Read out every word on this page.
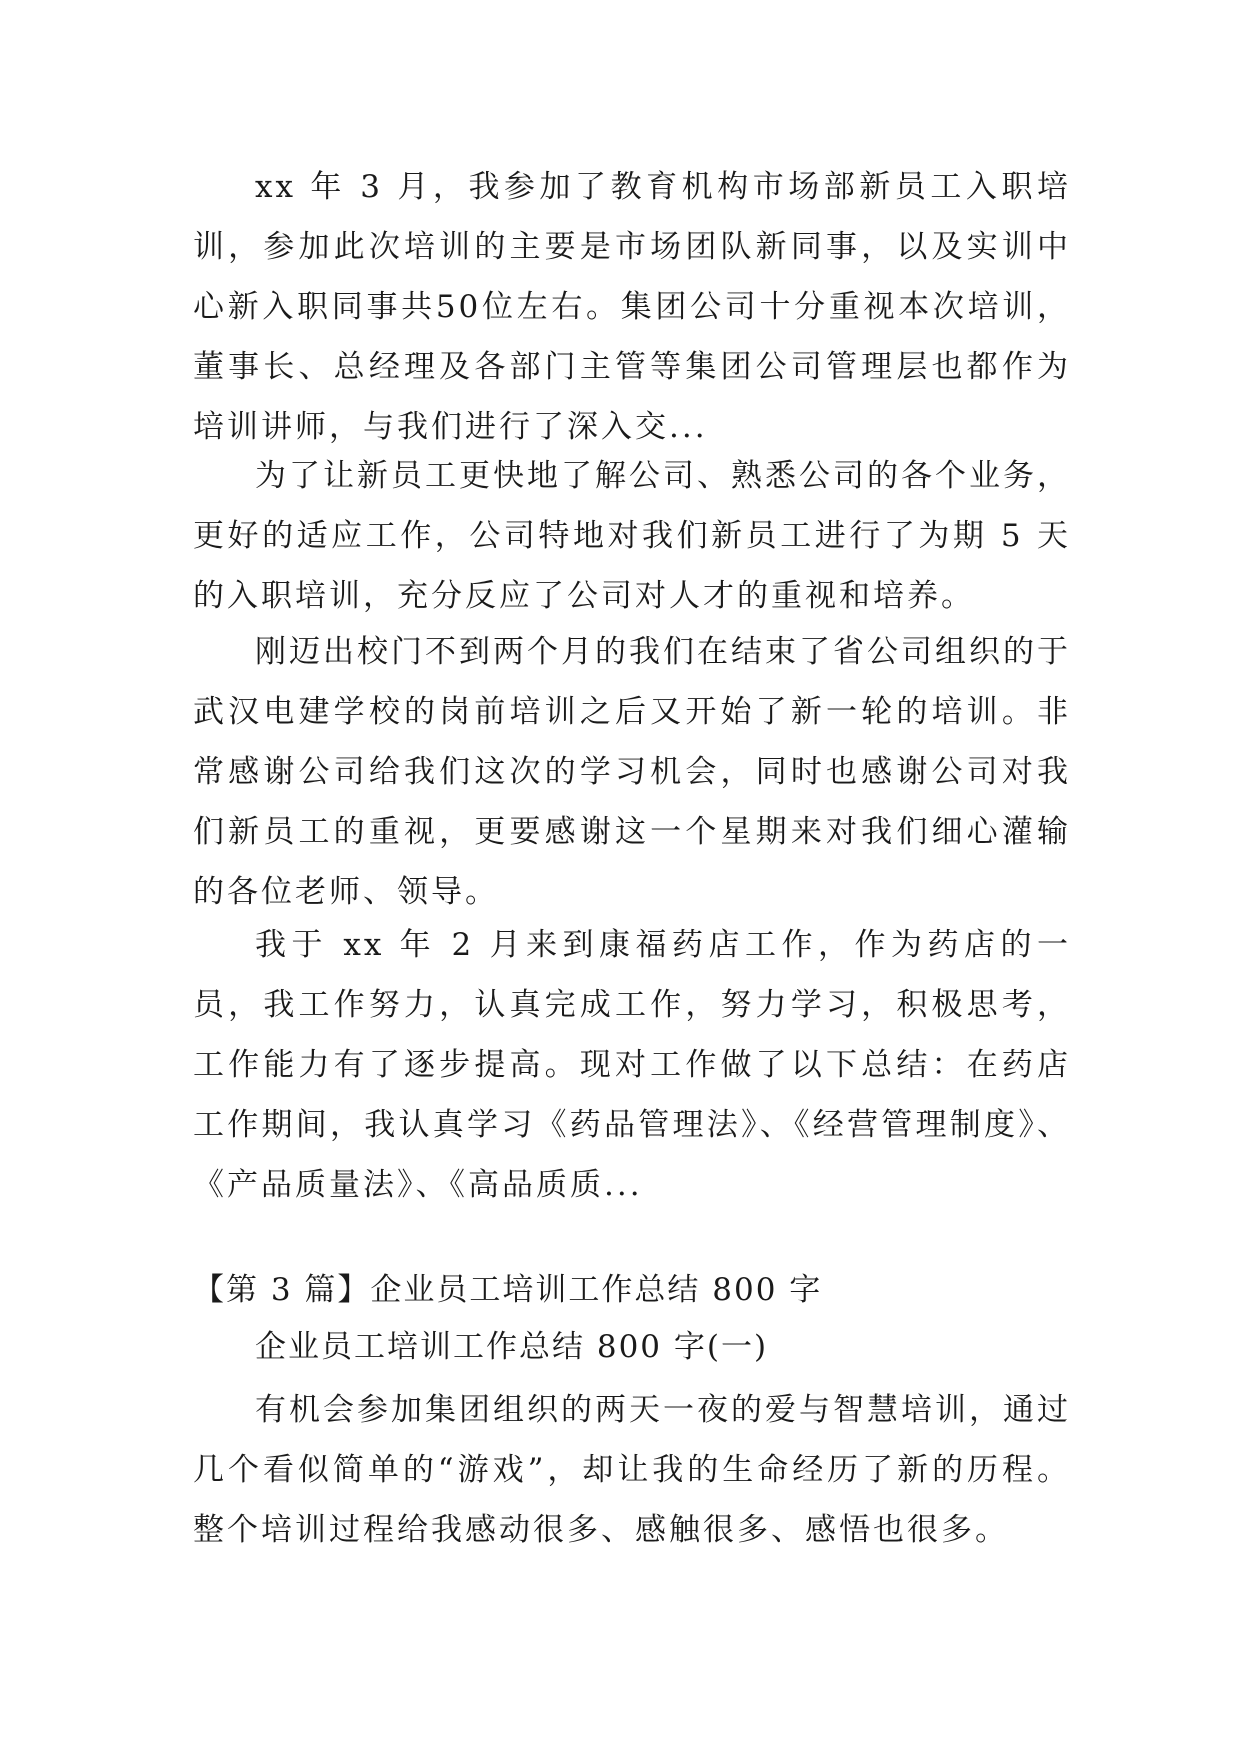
xx 年 3 月，我参加了教育机构市场部新员工入职培训，参加此次培训的主要是市场团队新同事，以及实训中心新入职同事共50位左右。集团公司十分重视本次培训，董事长、总经理及各部门主管等集团公司管理层也都作为培训讲师，与我们进行了深入交...

为了让新员工更快地了解公司、熟悉公司的各个业务，更好的适应工作，公司特地对我们新员工进行了为期 5 天的入职培训，充分反应了公司对人才的重视和培养。

刚迈出校门不到两个月的我们在结束了省公司组织的于武汉电建学校的岗前培训之后又开始了新一轮的培训。非常感谢公司给我们这次的学习机会，同时也感谢公司对我们新员工的重视，更要感谢这一个星期来对我们细心灌输的各位老师、领导。

我于 xx 年 2 月来到康福药店工作，作为药店的一员，我工作努力，认真完成工作，努力学习，积极思考，工作能力有了逐步提高。现对工作做了以下总结：在药店工作期间，我认真学习《药品管理法》、《经营管理制度》、《产品质量法》、《高品质质...

【第 3 篇】企业员工培训工作总结 800 字

企业员工培训工作总结 800 字(一)

有机会参加集团组织的两天一夜的爱与智慧培训，通过几个看似简单的“游戏”，却让我的生命经历了新的历程。整个培训过程给我感动很多、感触很多、感悟也很多。
